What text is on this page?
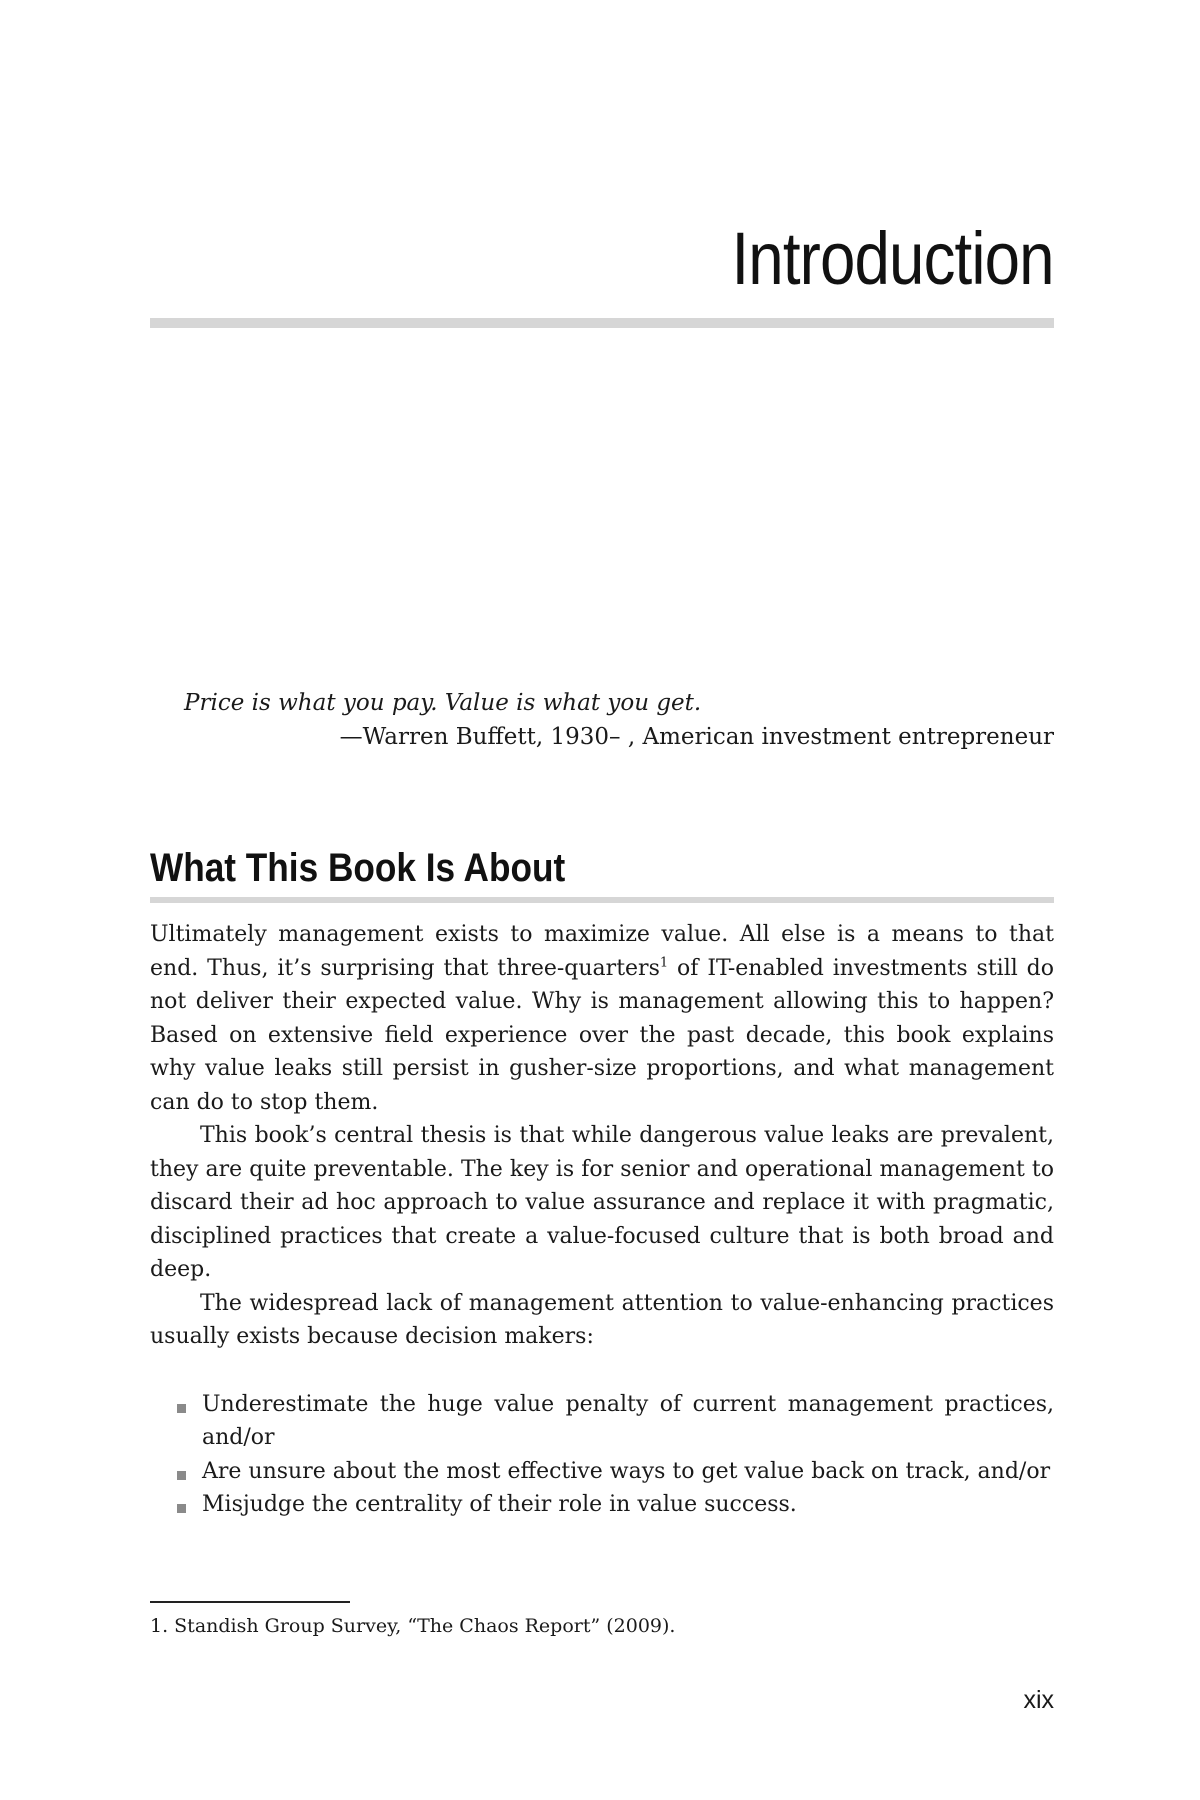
Introduction
Price is what you pay. Value is what you get.
—Warren Buffett, 1930– , American investment entrepreneur
What This Book Is About

Ultimately management exists to maximize value. All else is a means to that end. Thus, it’s surprising that three-quarters$^1$ of IT-enabled investments still do not deliver their expected value. Why is management allowing this to happen? Based on extensive field experience over the past decade, this book explains why value leaks still persist in gusher-size proportions, and what management can do to stop them.

This book’s central thesis is that while dangerous value leaks are prevalent, they are quite preventable. The key is for senior and operational management to discard their ad hoc approach to value assurance and replace it with pragmatic, disciplined practices that create a value-focused culture that is both broad and deep.

The widespread lack of management attention to value-enhancing practices usually exists because decision makers:

Underestimate the huge value penalty of current management practices, and/or
Are unsure about the most effective ways to get value back on track, and/or
Misjudge the centrality of their role in value success.
1. Standish Group Survey, “The Chaos Report” (2009).
xix
